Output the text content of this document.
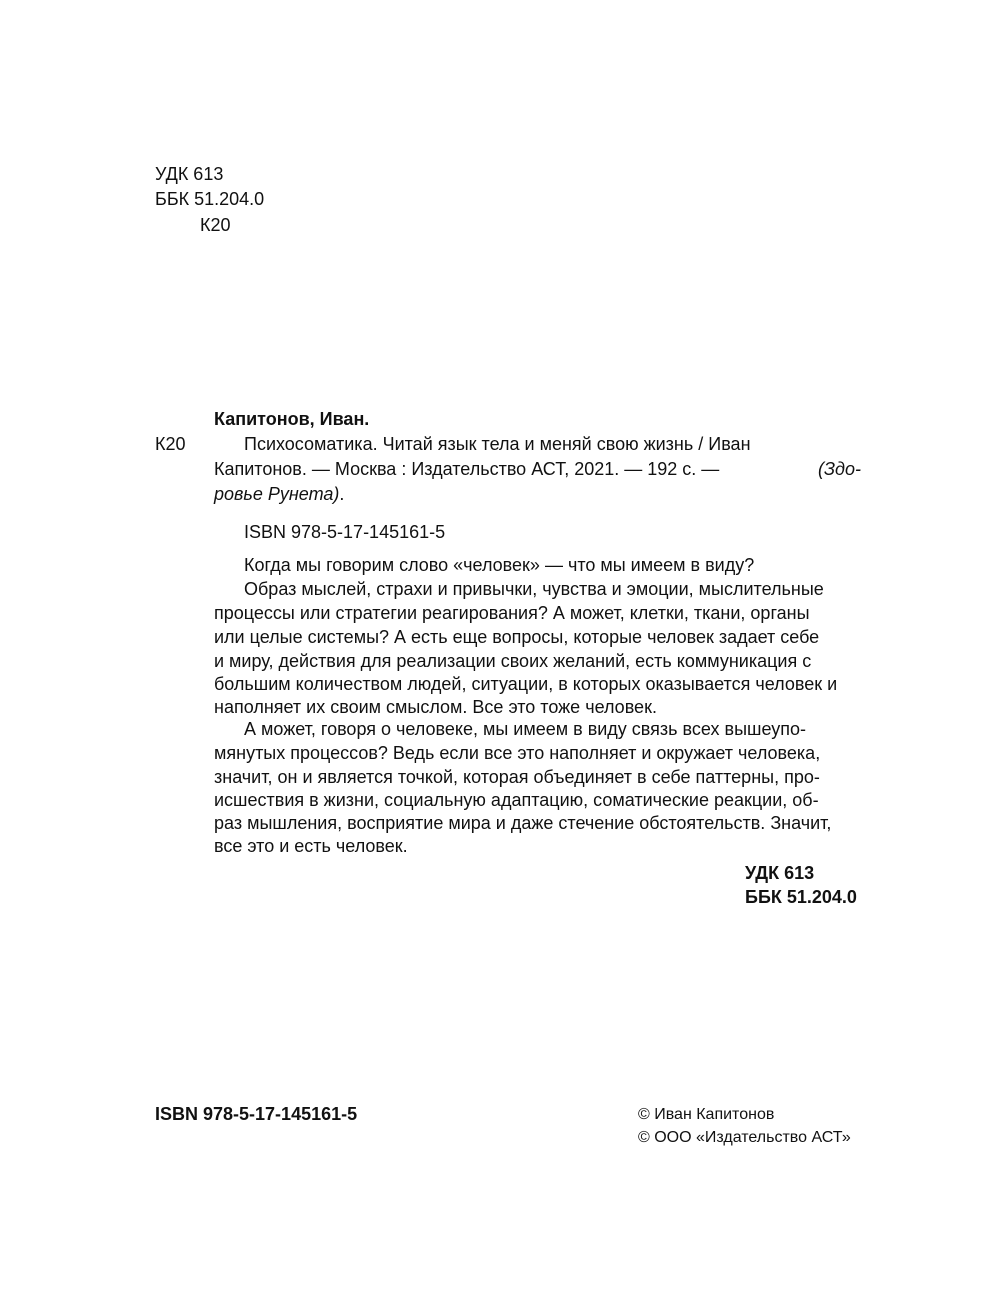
УДК 613
ББК 51.204.0
К20
Капитонов, Иван.
К20	Психосоматика. Читай язык тела и меняй свою жизнь / Иван
Капитонов. — Москва : Издательство АСТ, 2021. — 192 с. —	(Здо-
ровье Рунета).
ISBN 978-5-17-145161-5
Когда мы говорим слово «человек» — что мы имеем в виду?
Образ мыслей, страхи и привычки, чувства и эмоции, мыслительные
процессы или стратегии реагирования? А может, клетки, ткани, органы
или целые системы? А есть еще вопросы, которые человек задает себе
и миру, действия для реализации своих желаний, есть коммуникация с
большим количеством людей, ситуации, в которых оказывается человек и
наполняет их своим смыслом. Все это тоже человек.
А может, говоря о человеке, мы имеем в виду связь всех вышеупо-
мянутых процессов? Ведь если все это наполняет и окружает человека,
значит, он и является точкой, которая объединяет в себе паттерны, про-
исшествия в жизни, социальную адаптацию, соматические реакции, об-
раз мышления, восприятие мира и даже стечение обстоятельств. Значит,
все это и есть человек.
УДК 613
ББК 51.204.0
ISBN 978-5-17-145161-5	© Иван Капитонов
© ООО «Издательство АСТ»
